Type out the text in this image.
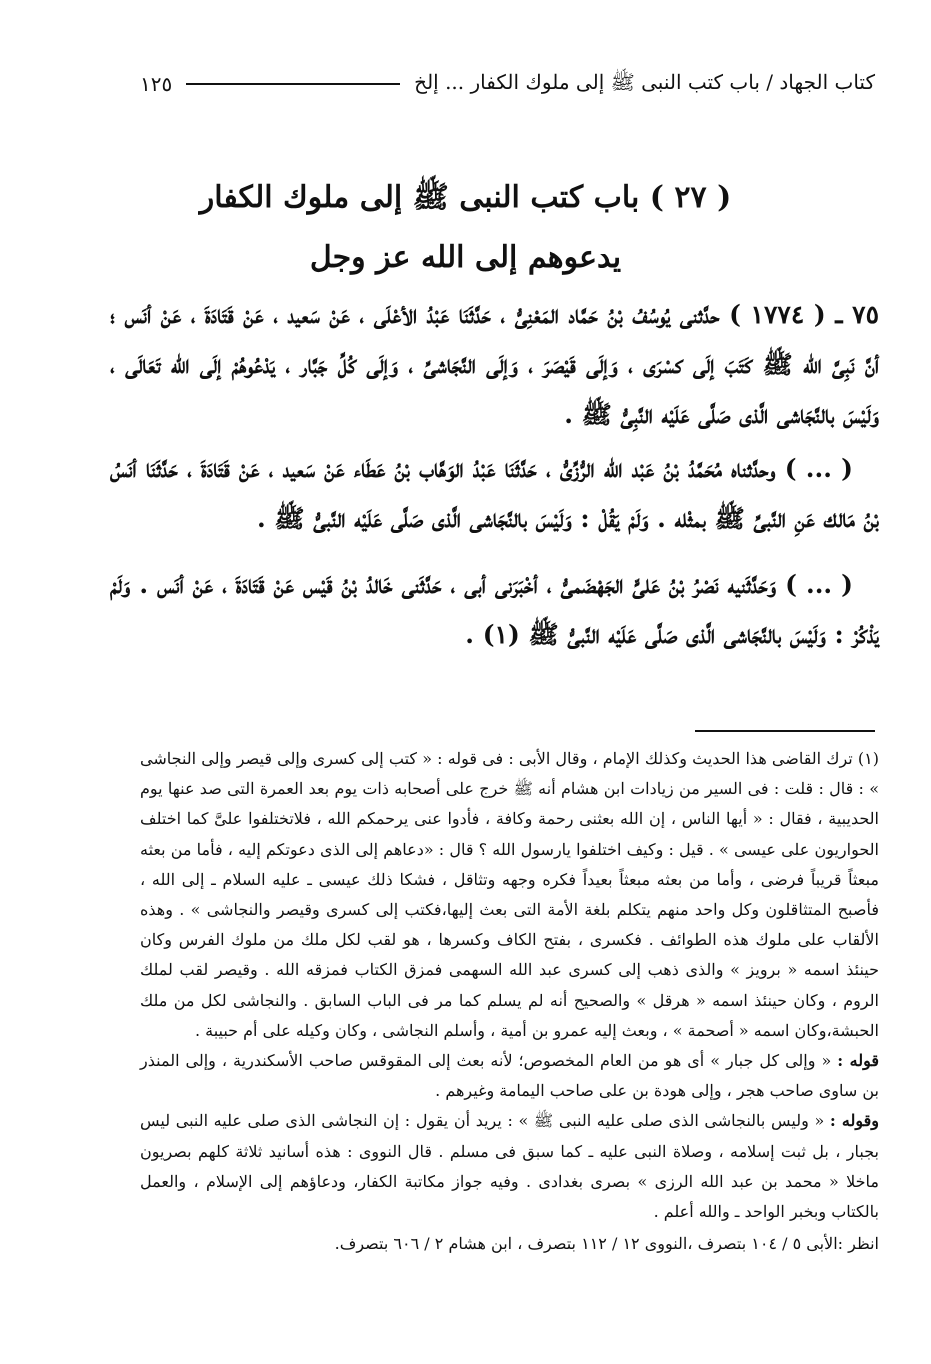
كتاب الجهاد / باب كتب النبى ﷺ إلى ملوك الكفار ... إلخ
١٢٥
( ٢٧ ) باب كتب النبى ﷺ إلى ملوك الكفار
يدعوهم إلى الله عز وجل

٧٥ ـ ( ١٧٧٤ ) حدَّثنى يُوسُفُ بْنُ حَمَّاد المَعْنِىُّ ، حَدَّثَنَا عَبْدُ الأعْلَى ، عَنْ سَعيد ، عَنْ قَتَادَةَ ، عَنْ أنَس ؛ أنَّ نَبِىَّ الله ﷺ كَتَبَ إلَى كسْرَى ، وَإلَى قَيْصَرَ ، وَإلَى النَّجَاشىِّ ، وَإلَى كُلِّ جَبَّار ، يَدْعُوهُمْ إلَى الله تَعَالَى ، وَلَيْسَ بالنَّجَاشى الَّذى صَلَّى عَلَيْه النَّبِىُّ ﷺ .

( ... ) وحدَّثناه مُحَمَّدُ بْنُ عَبْد الله الرُّزِّىُّ ، حَدَّثَنَا عَبْدُ الوَهَّاب بْنُ عَطَاء عَنْ سَعيد ، عَنْ قَتَادَةَ ، حَدَّثَنَا أنَسُ بْنُ مَالك عَنِ النَّبىِّ ﷺ بمثْله . وَلَمْ يَقُلْ : وَلَيْسَ بالنَّجَاشى الَّذى صَلَّى عَلَيْه النَّبىُّ ﷺ .

( ... ) وَحَدَّثَنيه نَصْرُ بْنُ عَلىٍّ الجَهْضَمىُّ ، أخْبَرَنى أبى ، حَدَّثَنى خَالدُ بْنُ قَيْس عَنْ قَتَادَةَ ، عَنْ أنَس . وَلَمْ يَذْكُرْ : وَلَيْسَ بالنَّجَاشى الَّذى صَلَّى عَلَيْه النَّبىُّ ﷺ (١) .

(١) ترك القاضى هذا الحديث وكذلك الإمام ، وقال الأبى : فى قوله : « كتب إلى كسرى وإلى قيصر وإلى النجاشى » : قال : قلت : فى السير من زيادات ابن هشام أنه ﷺ خرج على أصحابه ذات يوم بعد العمرة التى صد عنها يوم الحديبية ، فقال : « أيها الناس ، إن الله بعثنى رحمة وكافة ، فأدوا عنى يرحمكم الله ، فلاتختلفوا علىَّ كما اختلف الحواريون على عيسى » . قيل : وكيف اختلفوا يارسول الله ؟ قال : «دعاهم إلى الذى دعوتكم إليه ، فأما من بعثه مبعثاً قريباً فرضى ، وأما من بعثه مبعثاً بعيداً فكره وجهه وتثاقل ، فشكا ذلك عيسى ـ عليه السلام ـ إلى الله ، فأصبح المتثاقلون وكل واحد منهم يتكلم بلغة الأمة التى بعث إليها،فكتب إلى كسرى وقيصر والنجاشى » . وهذه الألقاب على ملوك هذه الطوائف . فكسرى ، بفتح الكاف وكسرها ، هو لقب لكل ملك من ملوك الفرس وكان حينئذ اسمه « برويز » والذى ذهب إلى كسرى عبد الله السهمى فمزق الكتاب فمزقه الله . وقيصر لقب لملك الروم ، وكان حينئذ اسمه « هرقل » والصحيح أنه لم يسلم كما مر فى الباب السابق . والنجاشى لكل من ملك الحبشة،وكان اسمه « أصحمة » ، وبعث إليه عمرو بن أمية ، وأسلم النجاشى ، وكان وكيله على أم حبيبة .

قوله : « وإلى كل جبار » أى هو من العام المخصوص؛ لأنه بعث إلى المقوقس صاحب الأسكندرية ، وإلى المنذر بن ساوى صاحب هجر ، وإلى هودة بن على صاحب اليمامة وغيرهم .

وقوله : « وليس بالنجاشى الذى صلى عليه النبى ﷺ » : يريد أن يقول : إن النجاشى الذى صلى عليه النبى ليس بجبار ، بل ثبت إسلامه ، وصلاة النبى عليه ـ كما سبق فى مسلم . قال النووى : هذه أسانيد ثلاثة كلهم بصريون ماخلا « محمد بن عبد الله الرزى » بصرى بغدادى . وفيه جواز مكاتبة الكفار، ودعاؤهم إلى الإسلام ، والعمل بالكتاب وبخبر الواحد ـ والله أعلم .

انظر :الأبى ٥ / ١٠٤ بتصرف ،النووى ١٢ / ١١٢ بتصرف ، ابن هشام ٢ / ٦٠٦ بتصرف.
